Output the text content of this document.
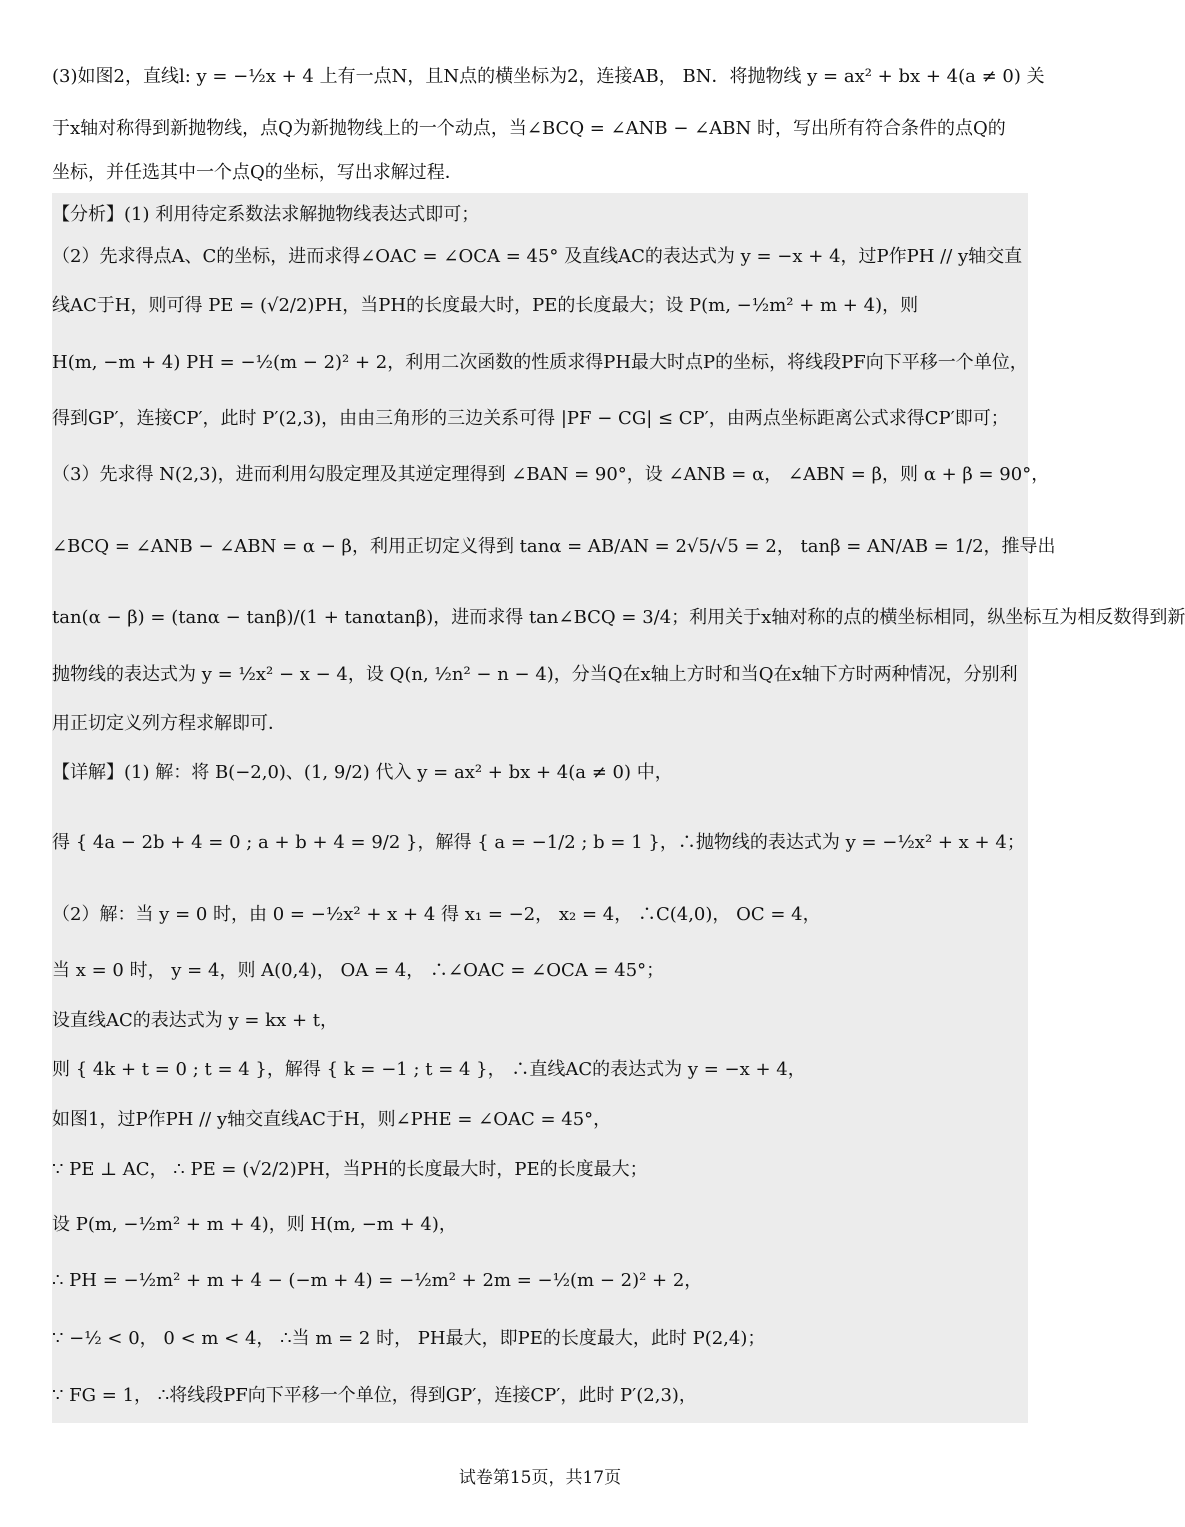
(3)如图2，直线l: y = −½x + 4 上有一点N，且N点的横坐标为2，连接AB， BN．将抛物线 y = ax² + bx + 4(a ≠ 0) 关
于x轴对称得到新抛物线，点Q为新抛物线上的一个动点，当∠BCQ = ∠ANB − ∠ABN 时，写出所有符合条件的点Q的
坐标，并任选其中一个点Q的坐标，写出求解过程．
【分析】(1) 利用待定系数法求解抛物线表达式即可；
（2）先求得点A、C的坐标，进而求得∠OAC = ∠OCA = 45° 及直线AC的表达式为 y = −x + 4，过P作PH // y轴交直
线AC于H，则可得 PE = (√2/2)PH，当PH的长度最大时，PE的长度最大；设 P(m, −½m² + m + 4)，则
H(m, −m + 4) PH = −½(m − 2)² + 2，利用二次函数的性质求得PH最大时点P的坐标，将线段PF向下平移一个单位，
得到GP′，连接CP′，此时 P′(2,3)，由由三角形的三边关系可得 |PF − CG| ≤ CP′，由两点坐标距离公式求得CP′即可；
（3）先求得 N(2,3)，进而利用勾股定理及其逆定理得到 ∠BAN = 90°，设 ∠ANB = α， ∠ABN = β，则 α + β = 90°，
∠BCQ = ∠ANB − ∠ABN = α − β，利用正切定义得到 tanα = AB/AN = 2√5/√5 = 2， tanβ = AN/AB = 1/2，推导出
tan(α − β) = (tanα − tanβ)/(1 + tanαtanβ)，进而求得 tan∠BCQ = 3/4；利用关于x轴对称的点的横坐标相同，纵坐标互为相反数得到新
抛物线的表达式为 y = ½x² − x − 4，设 Q(n, ½n² − n − 4)，分当Q在x轴上方时和当Q在x轴下方时两种情况，分别利
用正切定义列方程求解即可．
【详解】(1) 解：将 B(−2,0)、(1, 9/2) 代入 y = ax² + bx + 4(a ≠ 0) 中，
得 { 4a − 2b + 4 = 0 ; a + b + 4 = 9/2 }，解得 { a = −1/2 ; b = 1 }，∴抛物线的表达式为 y = −½x² + x + 4；
（2）解：当 y = 0 时，由 0 = −½x² + x + 4 得 x₁ = −2， x₂ = 4， ∴C(4,0)， OC = 4，
当 x = 0 时， y = 4，则 A(0,4)， OA = 4， ∴∠OAC = ∠OCA = 45°；
设直线AC的表达式为 y = kx + t，
则 { 4k + t = 0 ; t = 4 }，解得 { k = −1 ; t = 4 }， ∴直线AC的表达式为 y = −x + 4，
如图1，过P作PH // y轴交直线AC于H，则∠PHE = ∠OAC = 45°，
∵ PE ⊥ AC， ∴ PE = (√2/2)PH，当PH的长度最大时，PE的长度最大；
设 P(m, −½m² + m + 4)，则 H(m, −m + 4)，
∴ PH = −½m² + m + 4 − (−m + 4) = −½m² + 2m = −½(m − 2)² + 2，
∵ −½ < 0， 0 < m < 4， ∴当 m = 2 时， PH最大，即PE的长度最大，此时 P(2,4)；
∵ FG = 1， ∴将线段PF向下平移一个单位，得到GP′，连接CP′，此时 P′(2,3)，
试卷第15页，共17页
